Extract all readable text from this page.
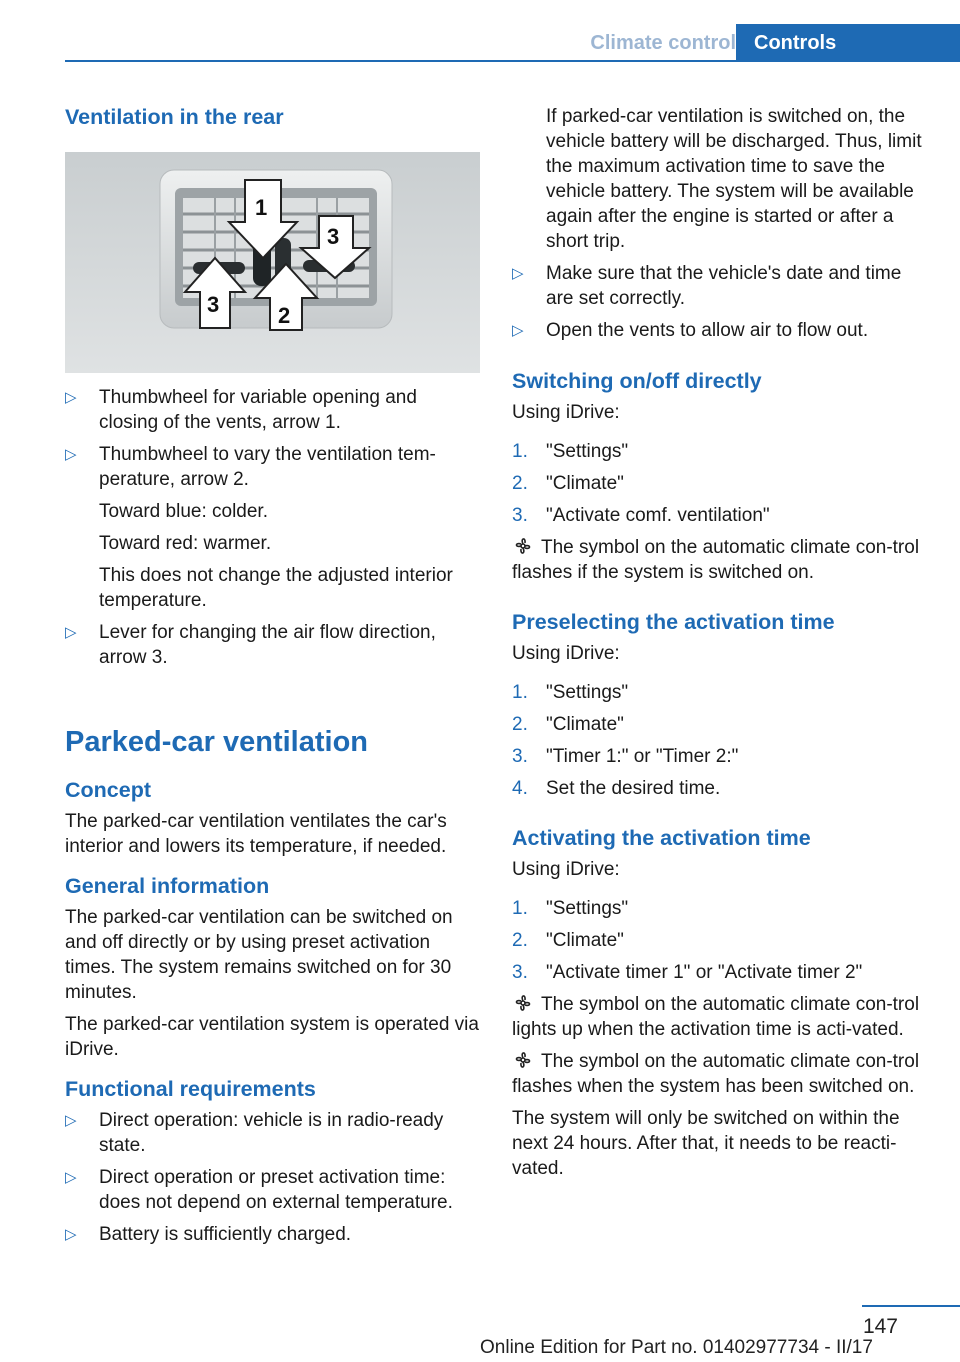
Climate control Controls
Ventilation in the rear
1
2
3
3
▷ Thumbwheel for variable opening and closing of the vents, arrow 1.
▷ Thumbwheel to vary the ventilation tem‐perature, arrow 2.

Toward blue: colder.

Toward red: warmer.

This does not change the adjusted interior temperature.

▷ Lever for changing the air flow direction, arrow 3.
Parked-car ventilation
Concept

The parked-car ventilation ventilates the car's interior and lowers its temperature, if needed.

General information

The parked-car ventilation can be switched on and off directly or by using preset activation times. The system remains switched on for 30 minutes.

The parked-car ventilation system is operated via iDrive.

Functional requirements
▷ Direct operation: vehicle is in radio-ready state.
▷ Direct operation or preset activation time: does not depend on external temperature.
▷ Battery is sufficiently charged.

If parked-car ventilation is switched on, the vehicle battery will be discharged. Thus, limit the maximum activation time to save the vehicle battery. The system will be available again after the engine is started or after a short trip.

▷ Make sure that the vehicle's date and time are set correctly.
▷ Open the vents to allow air to flow out.
Switching on/off directly

Using iDrive:

1. "Settings"
2. "Climate"
3. "Activate comf. ventilation"

The symbol on the automatic climate con‐trol flashes if the system is switched on.

Preselecting the activation time

Using iDrive:

1. "Settings"
2. "Climate"
3. "Timer 1:" or "Timer 2:"
4. Set the desired time.
Activating the activation time

Using iDrive:

1. "Settings"
2. "Climate"
3. "Activate timer 1" or "Activate timer 2"

The symbol on the automatic climate con‐trol lights up when the activation time is acti‐vated.

The symbol on the automatic climate con‐trol flashes when the system has been switched on.

The system will only be switched on within the next 24 hours. After that, it needs to be reacti‐vated.

147
Online Edition for Part no. 01402977734 - II/17
